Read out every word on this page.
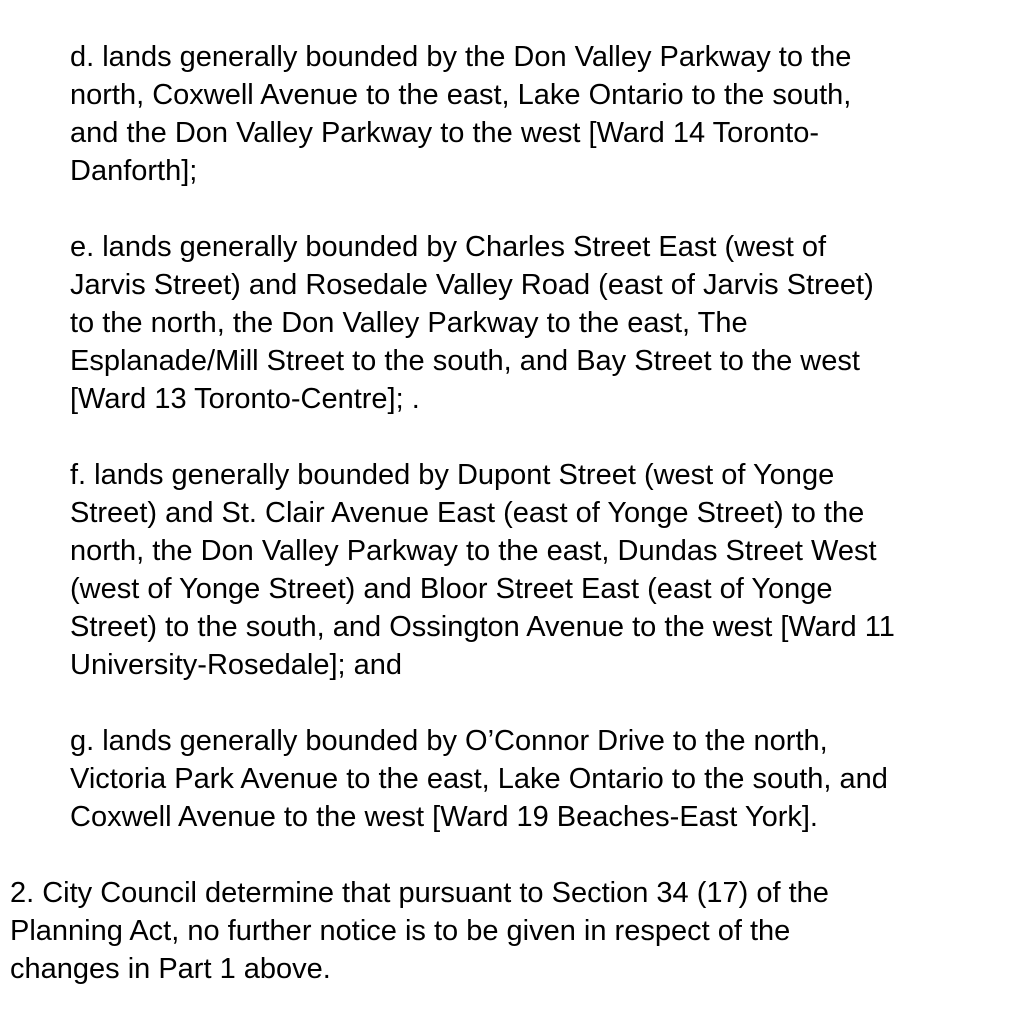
d. lands generally bounded by the Don Valley Parkway to the
north, Coxwell Avenue to the east, Lake Ontario to the south,
and the Don Valley Parkway to the west [Ward 14 Toronto-
Danforth];

e. lands generally bounded by Charles Street East (west of
Jarvis Street) and Rosedale Valley Road (east of Jarvis Street)
to the north, the Don Valley Parkway to the east, The
Esplanade/Mill Street to the south, and Bay Street to the west
[Ward 13 Toronto-Centre]; .

f. lands generally bounded by Dupont Street (west of Yonge
Street) and St. Clair Avenue East (east of Yonge Street) to the
north, the Don Valley Parkway to the east, Dundas Street West
(west of Yonge Street) and Bloor Street East (east of Yonge
Street) to the south, and Ossington Avenue to the west [Ward 11
University-Rosedale]; and

g. lands generally bounded by O’Connor Drive to the north,
Victoria Park Avenue to the east, Lake Ontario to the south, and
Coxwell Avenue to the west [Ward 19 Beaches-East York].

2. City Council determine that pursuant to Section 34 (17) of the
Planning Act, no further notice is to be given in respect of the
changes in Part 1 above.
